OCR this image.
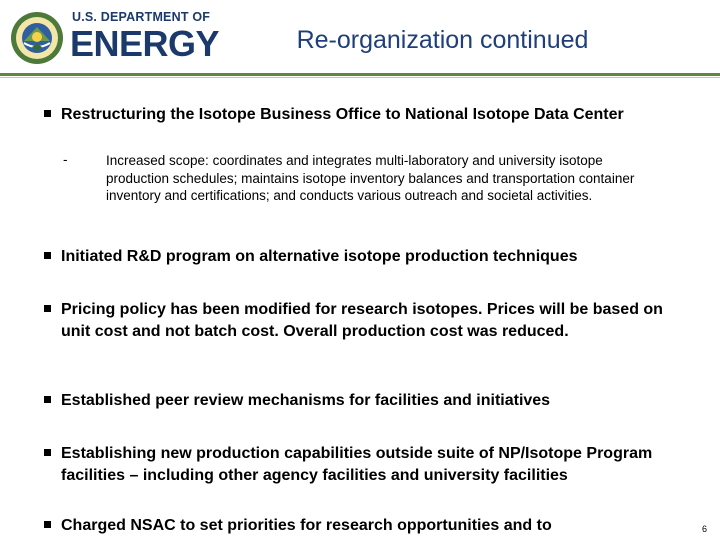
U.S. DEPARTMENT OF
ENERGY	Re-organization continued
Restructuring the Isotope Business Office to National Isotope Data Center
-	Increased scope: coordinates and integrates multi-laboratory and university isotope production schedules; maintains isotope inventory balances and transportation container inventory and certifications; and conducts various outreach and societal activities.
Initiated R&D program on alternative isotope production techniques
Pricing policy has been modified for research isotopes. Prices will be based on unit cost and not batch cost. Overall production cost was reduced.
Established peer review mechanisms for facilities and initiatives
Establishing new production capabilities outside suite of NP/Isotope Program facilities – including other agency facilities and university facilities
Charged NSAC to set priorities for research opportunities and to	6
